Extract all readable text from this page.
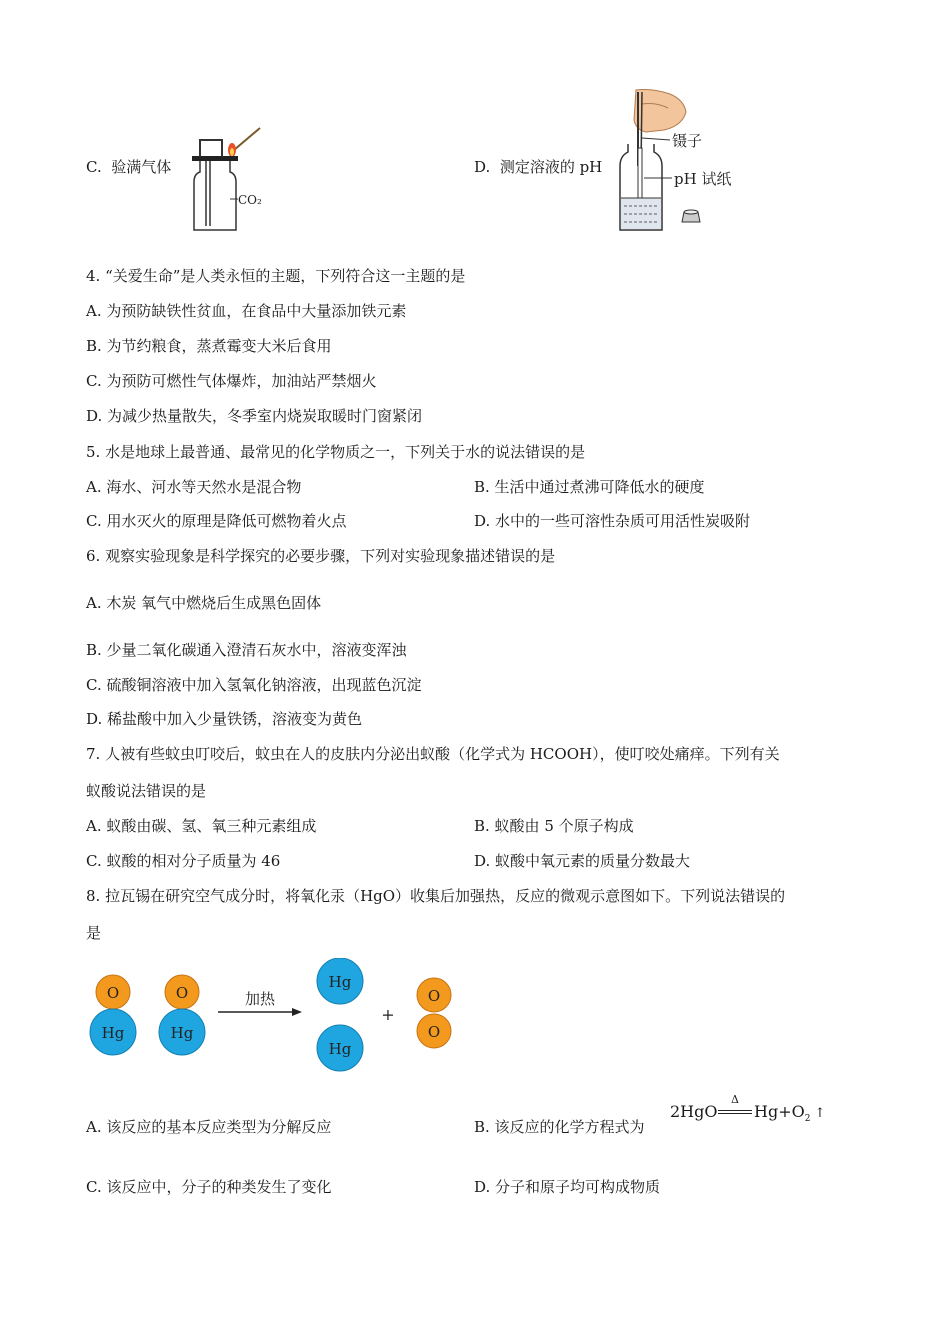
C. 验满气体
CO₂
D. 测定溶液的 pH
镊子
pH 试纸
4. “关爱生命”是人类永恒的主题，下列符合这一主题的是
A. 为预防缺铁性贫血，在食品中大量添加铁元素
B. 为节约粮食，蒸煮霉变大米后食用
C. 为预防可燃性气体爆炸，加油站严禁烟火
D. 为减少热量散失，冬季室内烧炭取暖时门窗紧闭
5. 水是地球上最普通、最常见的化学物质之一，下列关于水的说法错误的是
A. 海水、河水等天然水是混合物	B. 生活中通过煮沸可降低水的硬度
C. 用水灭火的原理是降低可燃物着火点	D. 水中的一些可溶性杂质可用活性炭吸附
6. 观察实验现象是科学探究的必要步骤，下列对实验现象描述错误的是
A. 木炭 氧气中燃烧后生成黑色固体
B. 少量二氧化碳通入澄清石灰水中，溶液变浑浊
C. 硫酸铜溶液中加入氢氧化钠溶液，出现蓝色沉淀
D. 稀盐酸中加入少量铁锈，溶液变为黄色
7. 人被有些蚊虫叮咬后，蚊虫在人的皮肤内分泌出蚁酸（化学式为 HCOOH），使叮咬处痛痒。下列有关
蚁酸说法错误的是
A. 蚁酸由碳、氢、氧三种元素组成	B. 蚁酸由 5 个原子构成
C. 蚁酸的相对分子质量为 46	D. 蚁酸中氧元素的质量分数最大
8. 拉瓦锡在研究空气成分时，将氧化汞（HgO）收集后加强热，反应的微观示意图如下。下列说法错误的
是
O
Hg
O
Hg
加热
Hg
Hg
+
O
O
A. 该反应的基本反应类型为分解反应	B. 该反应的化学方程式为
2HgO
Δ
$Hg+O_2$ ↑
C. 该反应中，分子的种类发生了变化	D. 分子和原子均可构成物质
